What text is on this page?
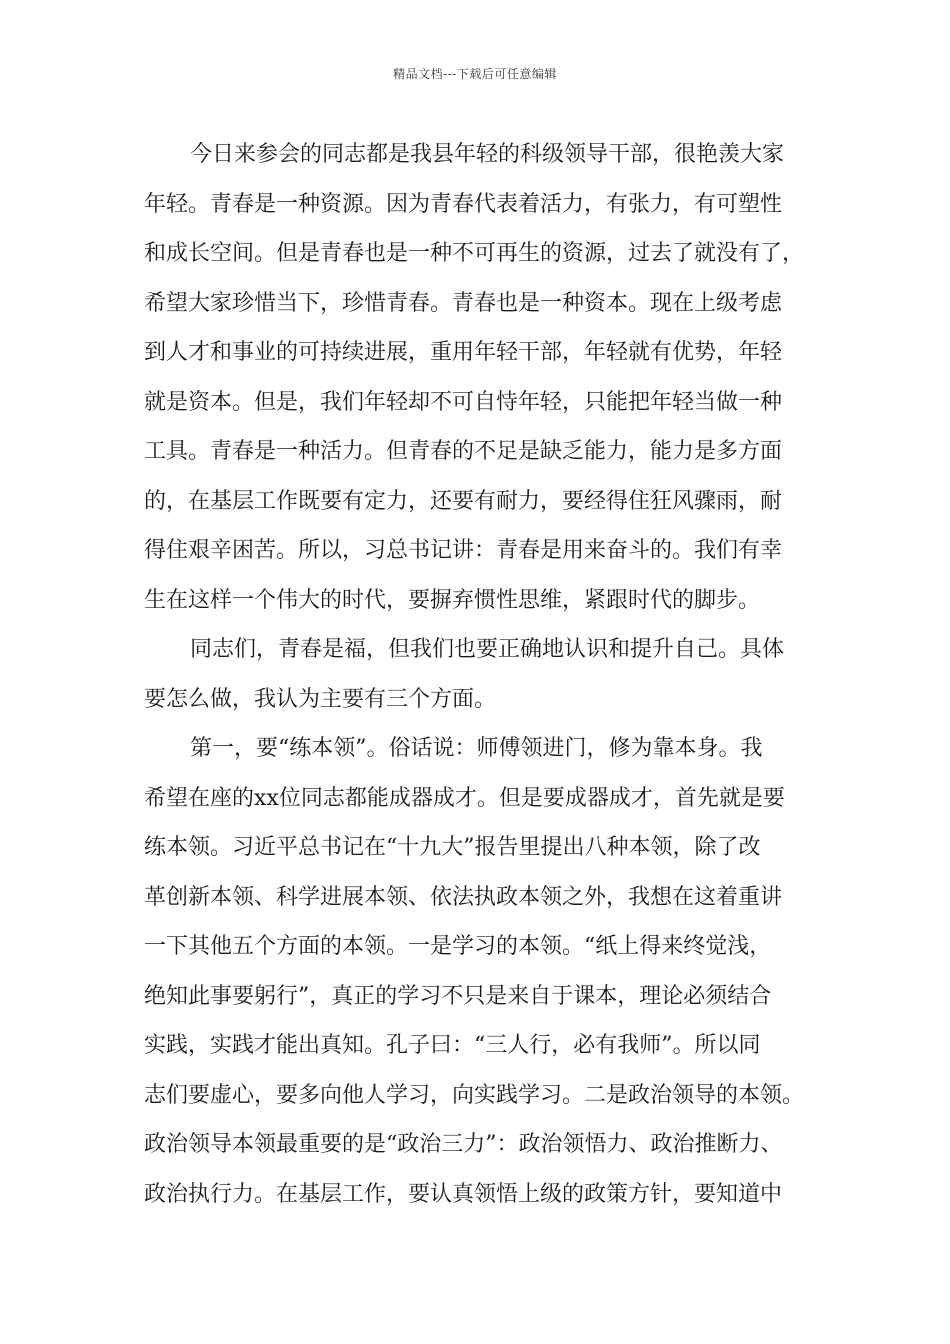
精品文档---下载后可任意编辑
今日来参会的同志都是我县年轻的科级领导干部，很艳羡大家
年轻。青春是一种资源。因为青春代表着活力，有张力，有可塑性
和成长空间。但是青春也是一种不可再生的资源，过去了就没有了，
希望大家珍惜当下，珍惜青春。青春也是一种资本。现在上级考虑
到人才和事业的可持续进展，重用年轻干部，年轻就有优势，年轻
就是资本。但是，我们年轻却不可自恃年轻，只能把年轻当做一种
工具。青春是一种活力。但青春的不足是缺乏能力，能力是多方面
的，在基层工作既要有定力，还要有耐力，要经得住狂风骤雨，耐
得住艰辛困苦。所以，习总书记讲：青春是用来奋斗的。我们有幸
生在这样一个伟大的时代，要摒弃惯性思维，紧跟时代的脚步。
同志们，青春是福，但我们也要正确地认识和提升自己。具体
要怎么做，我认为主要有三个方面。
第一，要“练本领”。俗话说：师傅领进门，修为靠本身。我
希望在座的xx位同志都能成器成才。但是要成器成才，首先就是要
练本领。习近平总书记在“十九大”报告里提出八种本领，除了改
革创新本领、科学进展本领、依法执政本领之外，我想在这着重讲
一下其他五个方面的本领。一是学习的本领。“纸上得来终觉浅，
绝知此事要躬行”，真正的学习不只是来自于课本，理论必须结合
实践，实践才能出真知。孔子曰：“三人行，必有我师”。所以同
志们要虚心，要多向他人学习，向实践学习。二是政治领导的本领。
政治领导本领最重要的是“政治三力”：政治领悟力、政治推断力、
政治执行力。在基层工作，要认真领悟上级的政策方针，要知道中
